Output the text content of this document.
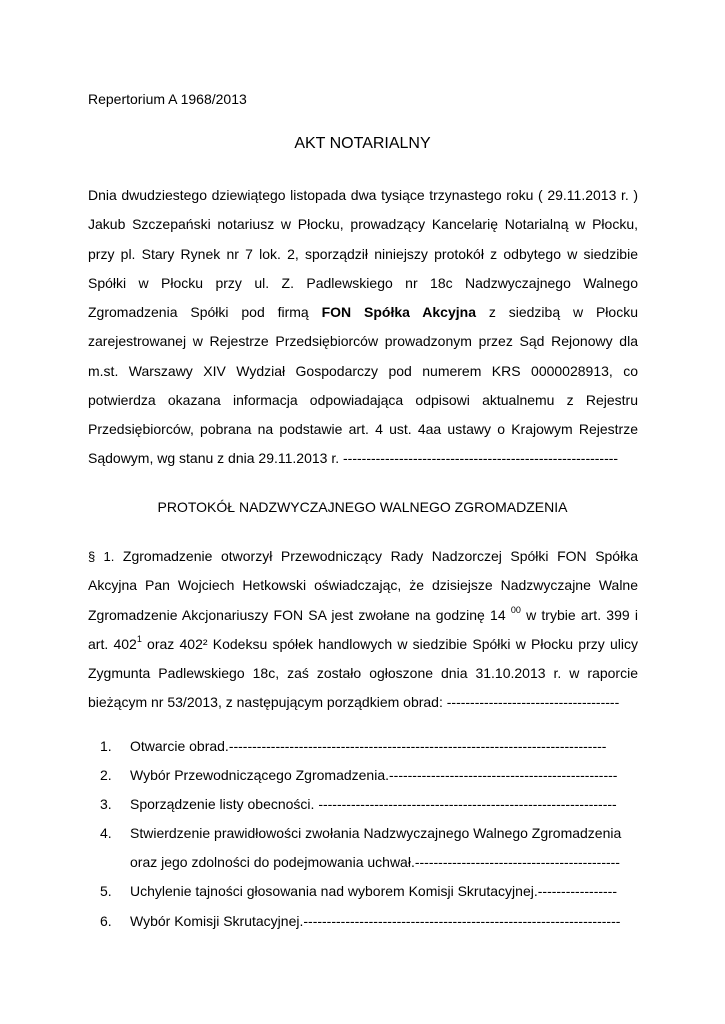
Repertorium A 1968/2013
AKT NOTARIALNY
Dnia dwudziestego dziewiątego listopada dwa tysiące trzynastego roku ( 29.11.2013 r. ) Jakub Szczepański notariusz w Płocku, prowadzący Kancelarię Notarialną w Płocku, przy pl. Stary Rynek nr 7 lok. 2, sporządził niniejszy protokół z odbytego w siedzibie Spółki w Płocku przy ul. Z. Padlewskiego nr 18c Nadzwyczajnego Walnego Zgromadzenia Spółki pod firmą FON Spółka Akcyjna z siedzibą w Płocku zarejestrowanej w Rejestrze Przedsiębiorców prowadzonym przez Sąd Rejonowy dla m.st. Warszawy XIV Wydział Gospodarczy pod numerem KRS 0000028913, co potwierdza okazana informacja odpowiadająca odpisowi aktualnemu z Rejestru Przedsiębiorców, pobrana na podstawie art. 4 ust. 4aa ustawy o Krajowym Rejestrze Sądowym, wg stanu z dnia 29.11.2013 r. -----------------------------------------------------------
PROTOKÓŁ NADZWYCZAJNEGO WALNEGO ZGROMADZENIA
§ 1. Zgromadzenie otworzył Przewodniczący Rady Nadzorczej Spółki FON Spółka Akcyjna Pan Wojciech Hetkowski oświadczając, że dzisiejsze Nadzwyczajne Walne Zgromadzenie Akcjonariuszy FON SA jest zwołane na godzinę 14 $^{00}$ w trybie art. 399 i art. $402^1$ oraz 402² Kodeksu spółek handlowych w siedzibie Spółki w Płocku przy ulicy Zygmunta Padlewskiego 18c, zaś zostało ogłoszone dnia 31.10.2013 r. w raporcie bieżącym nr 53/2013, z następującym porządkiem obrad: -------------------------------------
1. Otwarcie obrad.---------------------------------------------------------------------------------
2. Wybór Przewodniczącego Zgromadzenia.-------------------------------------------------
3. Sporządzenie listy obecności. ----------------------------------------------------------------
4. Stwierdzenie prawidłowości zwołania Nadzwyczajnego Walnego Zgromadzenia
oraz jego zdolności do podejmowania uchwał.--------------------------------------------
5. Uchylenie tajności głosowania nad wyborem Komisji Skrutacyjnej.-----------------
6. Wybór Komisji Skrutacyjnej.--------------------------------------------------------------------
